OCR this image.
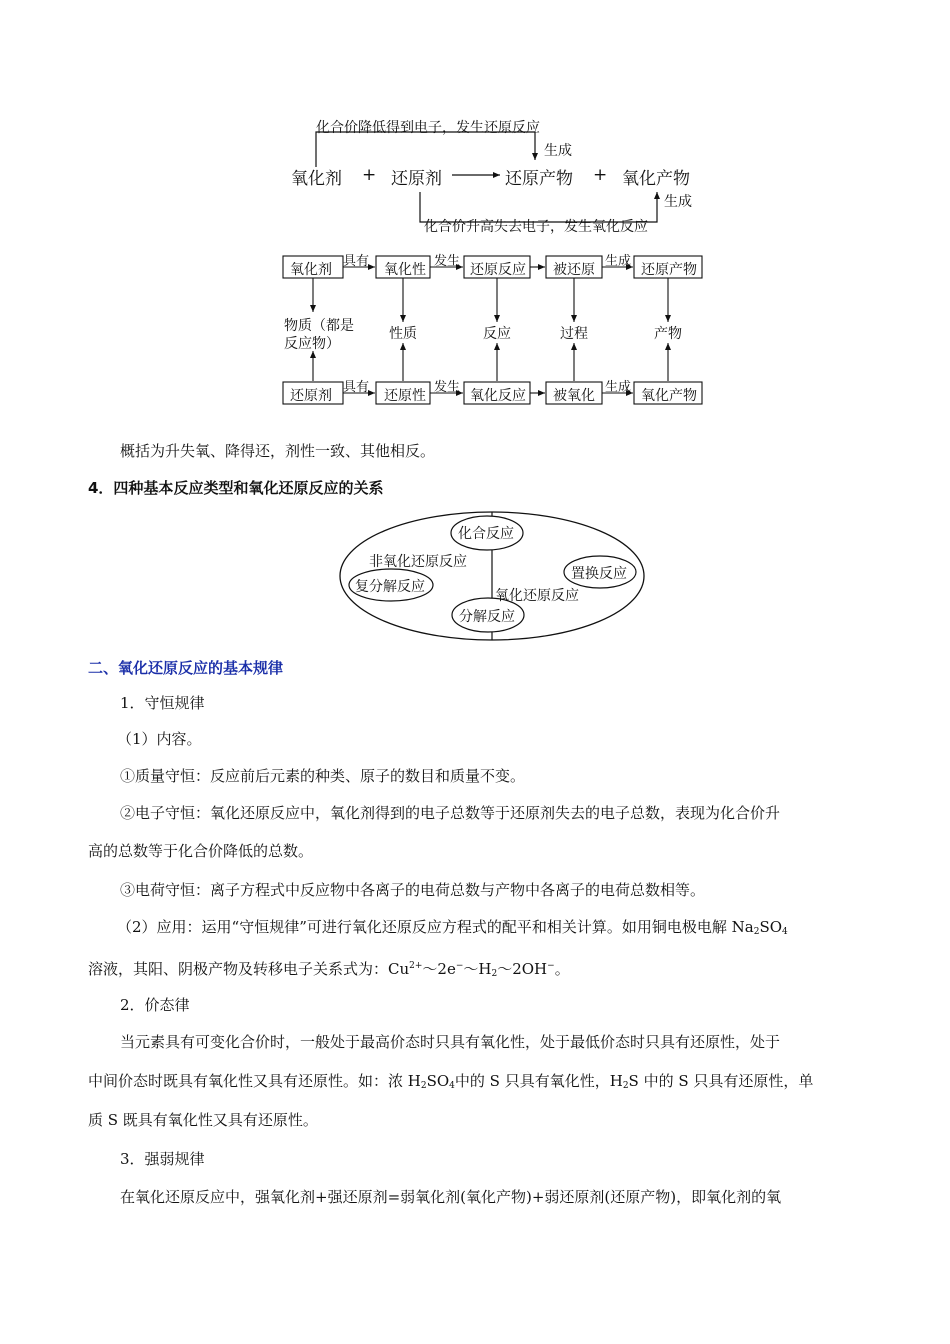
化合价降低得到电子，发生还原反应
生成
氧化剂 + 还原剂	还原产物 + 氧化产物
生成
化合价升高失去电子，发生氧化反应
氧化剂	氧化性	还原反应 被还原	还原产物
具有	发生	生成
物质（都是
反应物）
性质	反应	过程	产物
还原剂	还原性	氧化反应 被氧化	氧化产物
具有	发生	生成
概括为升失氧、降得还，剂性一致、其他相反。
4．四种基本反应类型和氧化还原反应的关系
化合反应
非氧化还原反应
复分解反应
置换反应
氧化还原反应
分解反应
二、氧化还原反应的基本规律
1．守恒规律
（1）内容。
①质量守恒：反应前后元素的种类、原子的数目和质量不变。
②电子守恒：氧化还原反应中，氧化剂得到的电子总数等于还原剂失去的电子总数，表现为化合价升
高的总数等于化合价降低的总数。
③电荷守恒：离子方程式中反应物中各离子的电荷总数与产物中各离子的电荷总数相等。
（2）应用：运用“守恒规律”可进行氧化还原反应方程式的配平和相关计算。如用铜电极电解 $Na_2SO_4$
溶液，其阳、阴极产物及转移电子关系式为：$Cu^{2+}\sim 2e^-\sim H_2\sim 2OH^-$。
2．价态律
当元素具有可变化合价时，一般处于最高价态时只具有氧化性，处于最低价态时只具有还原性，处于
中间价态时既具有氧化性又具有还原性。如：浓 $H_2SO_4$中的 S 只具有氧化性，$H_2S$ 中的 S 只具有还原性，单
质 S 既具有氧化性又具有还原性。
3．强弱规律
在氧化还原反应中，强氧化剂+强还原剂=弱氧化剂(氧化产物)+弱还原剂(还原产物)，即氧化剂的氧
